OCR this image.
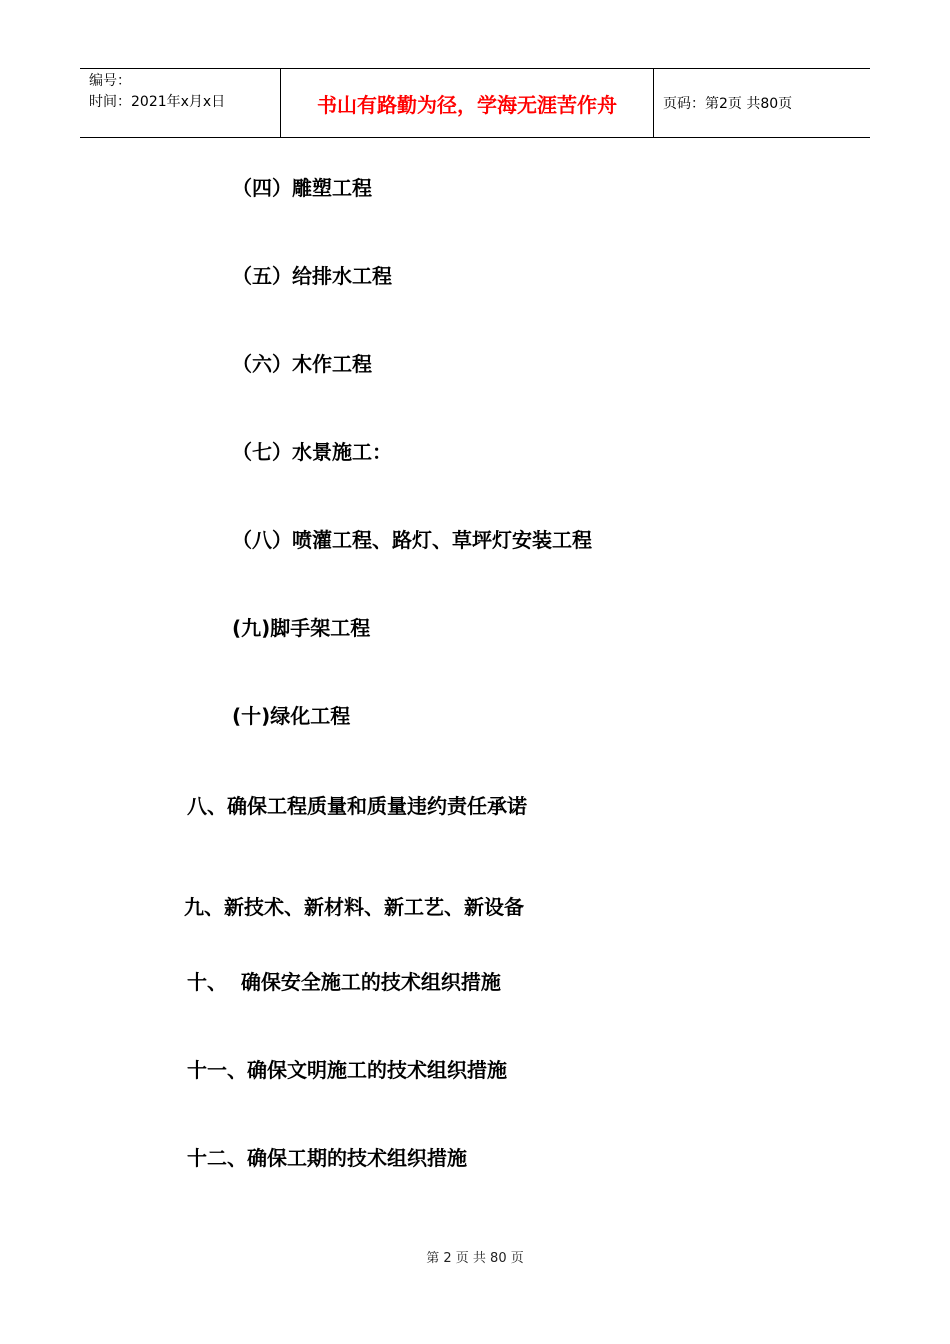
编号：
时间：2021年x月x日	书山有路勤为径，学海无涯苦作舟	页码：第2页 共80页
（四）雕塑工程
（五）给排水工程
（六）木作工程
（七）水景施工：
（八）喷灌工程、路灯、草坪灯安装工程
(九)脚手架工程
(十)绿化工程
八、确保工程质量和质量违约责任承诺
九、新技术、新材料、新工艺、新设备
十、  确保安全施工的技术组织措施
十一、确保文明施工的技术组织措施
十二、确保工期的技术组织措施
第 2 页 共 80 页
